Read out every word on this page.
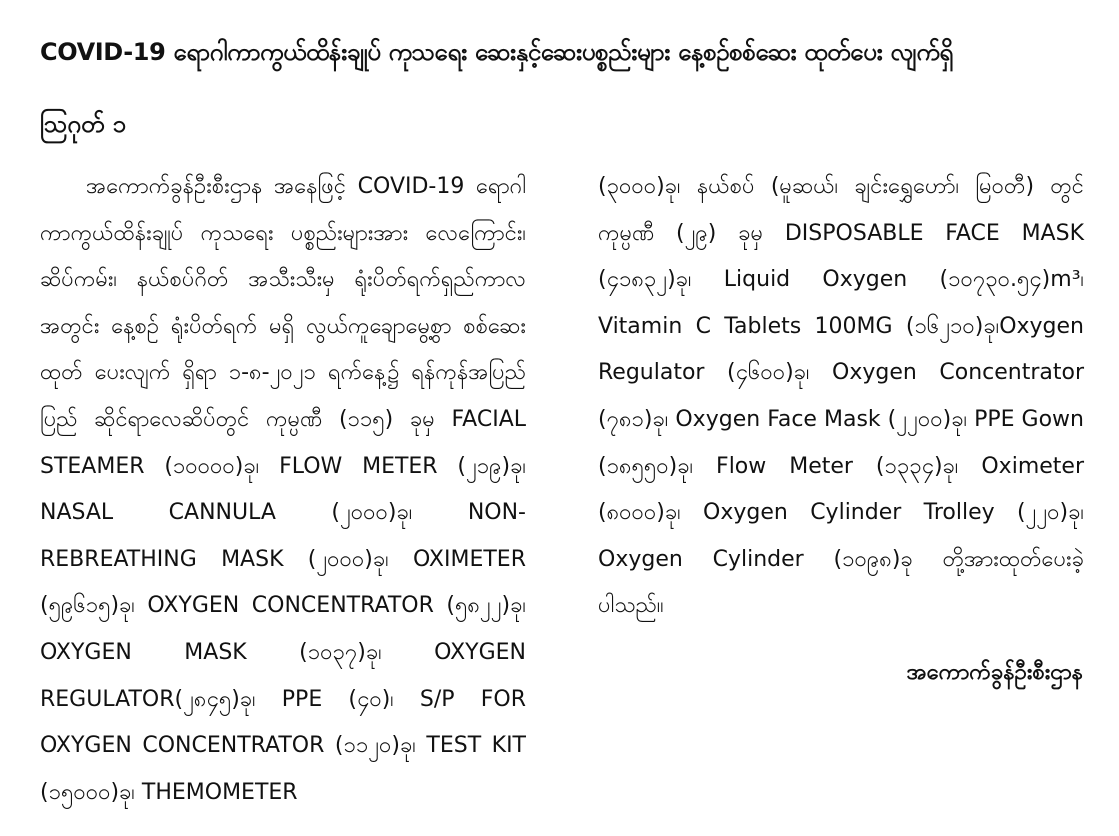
COVID-19 ရောဂါကာကွယ်ထိန်းချုပ် ကုသရေး ဆေးနှင့်ဆေးပစ္စည်းများ နေ့စဉ်စစ်ဆေး ထုတ်ပေး လျက်ရှိ
ဩဂုတ် ၁
အကောက်ခွန်ဦးစီးဌာန အနေဖြင့် COVID-19 ရောဂါ ကာကွယ်ထိန်းချုပ် ကုသရေး ပစ္စည်းများအား လေကြောင်း၊ ဆိပ်ကမ်း၊ နယ်စပ်ဂိတ် အသီးသီးမှ ရုံးပိတ်ရက်ရှည်ကာလအတွင်း နေ့စဉ် ရုံးပိတ်ရက် မရှိ လွယ်ကူချောမွေ့စွာ စစ်ဆေးထုတ် ပေးလျက် ရှိရာ ၁-၈-၂၀၂၁ ရက်နေ့၌ ရန်ကုန်အပြည်ပြည် ဆိုင်ရာလေဆိပ်တွင် ကုမ္ပဏီ (၁၁၅) ခုမှ FACIAL STEAMER (၁၀၀၀၀)ခု၊ FLOW METER (၂၁၉)ခု၊ NASAL CANNULA (၂၀၀၀)ခု၊ NON-REBREATHING MASK (၂၀၀၀)ခု၊ OXIMETER (၅၉၆၁၅)ခု၊ OXYGEN CONCENTRATOR (၅၈၂၂)ခု၊ OXYGEN MASK (၁၀၃၇)ခု၊ OXYGEN REGULATOR(၂၈၄၅)ခု၊ PPE (၄၀)၊ S/P FOR OXYGEN CONCENTRATOR (၁၁၂၀)ခု၊ TEST KIT (၁၅၀၀၀)ခု၊ THEMOMETER
(၃၀၀၀)ခု၊ နယ်စပ် (မူဆယ်၊ ချင်းရွှေဟော်၊ မြဝတီ) တွင်ကုမ္ပဏီ (၂၉) ခုမှ DISPOSABLE FACE MASK (၄၁၈၃၂)ခု၊ Liquid Oxygen (၁၀၇၃၀.၅၄)m³၊ Vitamin C Tablets 100MG (၁၆၂၁၀)ခု၊Oxygen Regulator (၄၆၀၀)ခု၊ Oxygen Concentrator (၇၈၁)ခု၊ Oxygen Face Mask (၂၂၀၀)ခု၊ PPE Gown (၁၈၅၅၀)ခု၊ Flow Meter (၁၃၃၄)ခု၊ Oximeter (၈၀၀၀)ခု၊ Oxygen Cylinder Trolley (၂၂၀)ခု၊ Oxygen Cylinder (၁၀၉၈)ခု တို့အားထုတ်ပေးခဲ့ ပါသည်။
အကောက်ခွန်ဦးစီးဌာန
